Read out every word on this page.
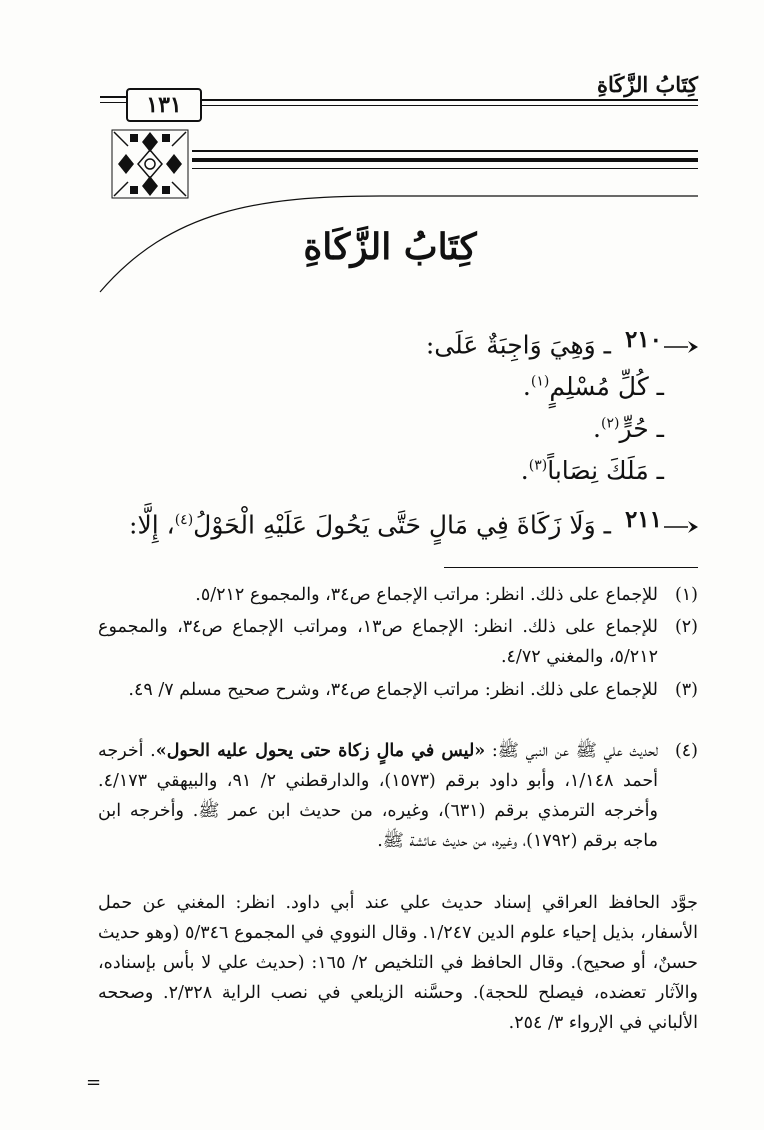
كِتَابُ الزَّكَاةِ
١٣١
كِتَابُ الزَّكَاةِ
٢١٠
ـ وَهِيَ وَاجِبَةٌ عَلَى:
ـ كُلِّ مُسْلِمٍ$^{(١)}$.
ـ حُرٍّ$^{(٢)}$.
ـ مَلَكَ نِصَاباً$^{(٣)}$.
٢١١
ـ وَلَا زَكَاةَ فِي مَالٍ حَتَّى يَحُولَ عَلَيْهِ الْحَوْلُ$^{(٤)}$، إِلَّا:
(١)
للإجماع على ذلك. انظر: مراتب الإجماع ص٣٤، والمجموع ٥/٢١٢.
(٢)
للإجماع على ذلك. انظر: الإجماع ص١٣، ومراتب الإجماع ص٣٤، والمجموع ٥/٢١٢، والمغني ٤/٧٢.
(٣)
للإجماع على ذلك. انظر: مراتب الإجماع ص٣٤، وشرح صحيح مسلم ٧/ ٤٩.
(٤)
لحديث علي ﷺ عن النبي ﷺ: «ليس في مالٍ زكاة حتى يحول عليه الحول». أخرجه أحمد ١/١٤٨، وأبو داود برقم (١٥٧٣)، والدارقطني ٢/ ٩١، والبيهقي ٤/١٧٣. وأخرجه الترمذي برقم (٦٣١)، وغيره، من حديث ابن عمر ﷺ. وأخرجه ابن ماجه برقم (١٧٩٢)، وغيره، من حديث عائشة ﷺ.
جوَّد الحافظ العراقي إسناد حديث علي عند أبي داود. انظر: المغني عن حمل الأسفار، بذيل إحياء علوم الدين ١/٢٤٧. وقال النووي في المجموع ٥/٣٤٦ (وهو حديث حسنٌ، أو صحيح). وقال الحافظ في التلخيص ٢/ ١٦٥: (حديث علي لا بأس بإسناده، والآثار تعضده، فيصلح للحجة). وحسَّنه الزيلعي في نصب الراية ٢/٣٢٨. وصححه الألباني في الإرواء ٣/ ٢٥٤.
=
